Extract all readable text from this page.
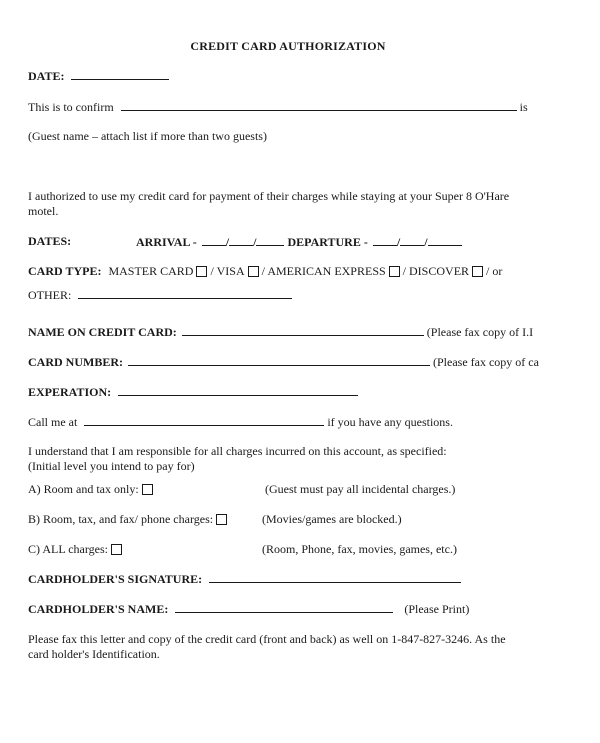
CREDIT CARD AUTHORIZATION
DATE:
This is to confirm	is
(Guest name – attach list if more than two guests)
I authorized to use my credit card for payment of their charges while staying at your Super 8 O'Hare
motel.
DATES:	ARRIVAL - / /	DEPARTURE - / /
CARD TYPE: MASTER CARD / VISA / AMERICAN EXPRESS / DISCOVER / or
OTHER:
NAME ON CREDIT CARD:	(Please fax copy of I.I
CARD NUMBER:	(Please fax copy of ca
EXPERATION:
Call me at	if you have any questions.
I understand that I am responsible for all charges incurred on this account, as specified:
(Initial level you intend to pay for)
A) Room and tax only:	(Guest must pay all incidental charges.)
B) Room, tax, and fax/ phone charges:	(Movies/games are blocked.)
C) ALL charges:	(Room, Phone, fax, movies, games, etc.)
CARDHOLDER'S SIGNATURE:
CARDHOLDER'S NAME:	(Please Print)
Please fax this letter and copy of the credit card (front and back) as well on 1-847-827-3246. As the
card holder's Identification.
